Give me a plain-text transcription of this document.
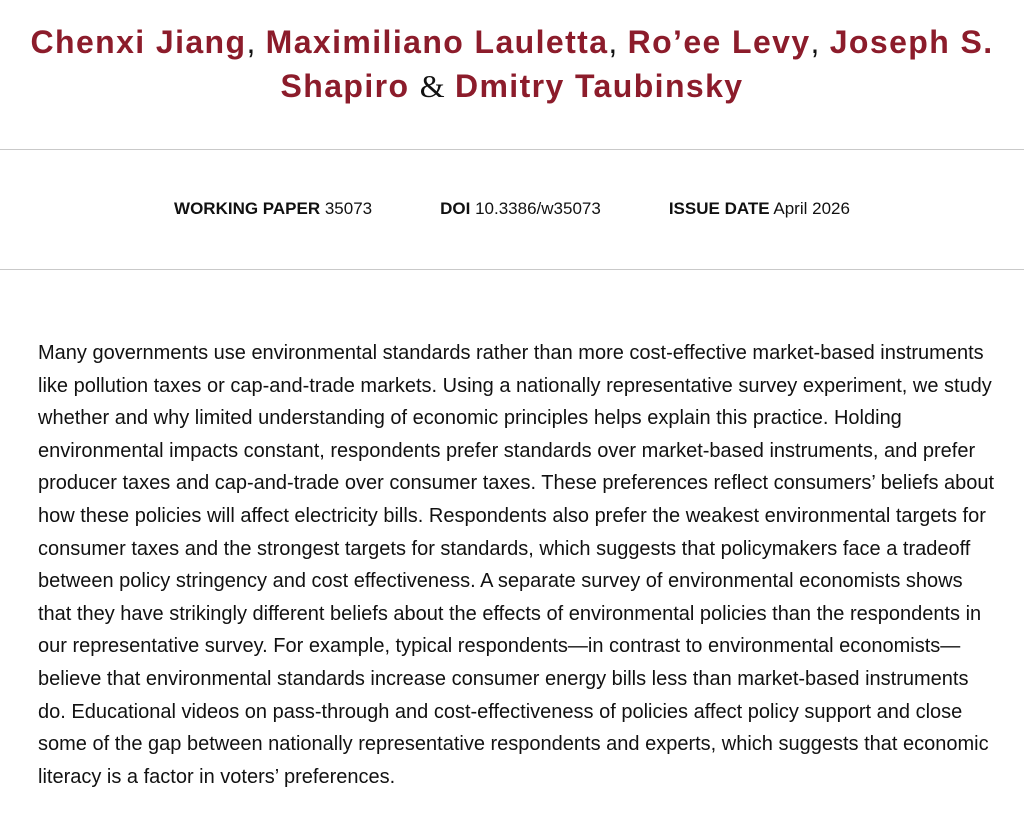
Chenxi Jiang, Maximiliano Lauletta, Ro’ee Levy, Joseph S. Shapiro & Dmitry Taubinsky
WORKING PAPER 35073	DOI 10.3386/w35073	ISSUE DATE April 2026

Many governments use environmental standards rather than more cost-effective market-based instruments like pollution taxes or cap-and-trade markets. Using a nationally representative survey experiment, we study whether and why limited understanding of economic principles helps explain this practice. Holding environmental impacts constant, respondents prefer standards over market-based instruments, and prefer producer taxes and cap-and-trade over consumer taxes. These preferences reflect consumers’ beliefs about how these policies will affect electricity bills. Respondents also prefer the weakest environmental targets for consumer taxes and the strongest targets for standards, which suggests that policymakers face a tradeoff between policy stringency and cost effectiveness. A separate survey of environmental economists shows that they have strikingly different beliefs about the effects of environmental policies than the respondents in our representative survey. For example, typical respondents—in contrast to environmental economists—believe that environmental standards increase consumer energy bills less than market-based instruments do. Educational videos on pass-through and cost-effectiveness of policies affect policy support and close some of the gap between nationally representative respondents and experts, which suggests that economic literacy is a factor in voters’ preferences.
